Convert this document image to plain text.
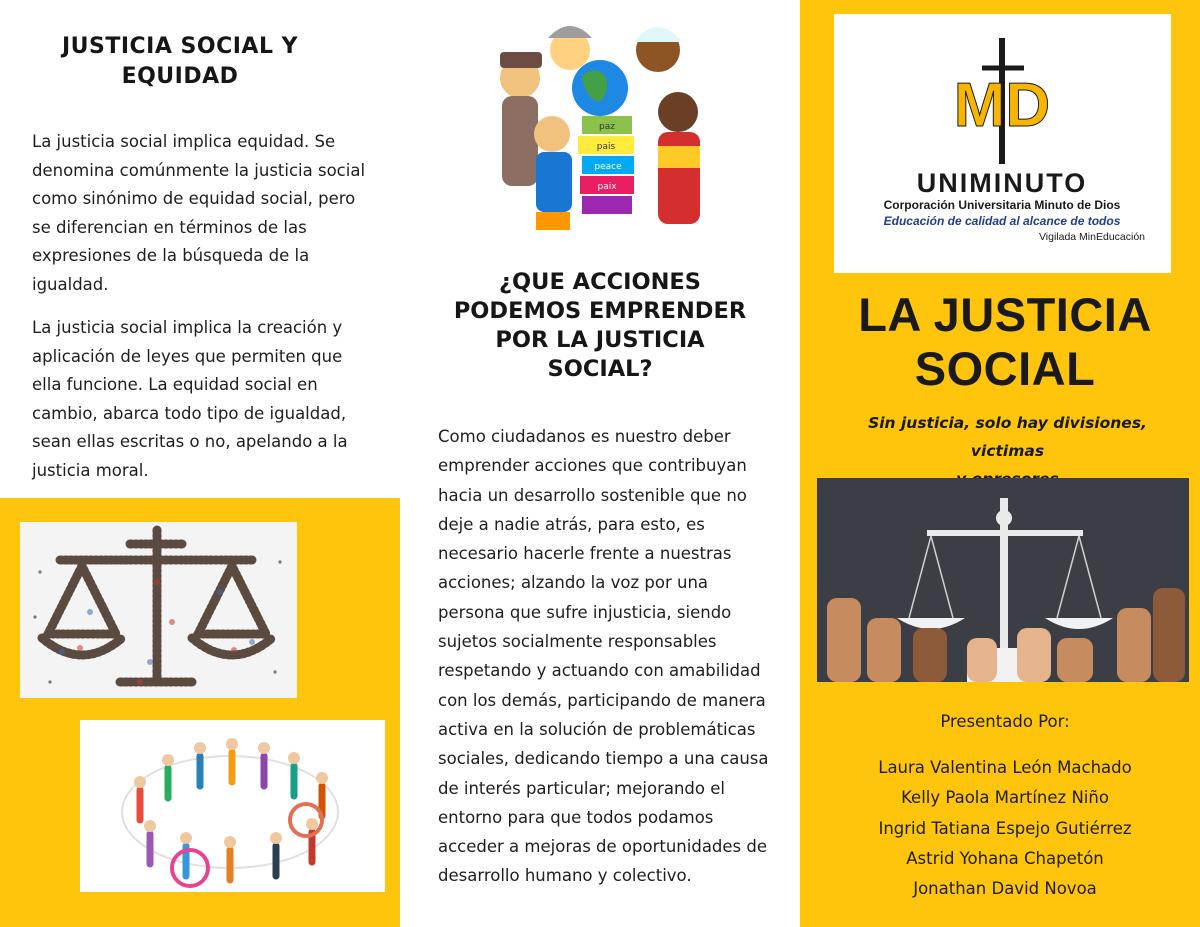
JUSTICIA SOCIAL Y EQUIDAD

La justicia social implica equidad. Se denomina comúnmente la justicia social como sinónimo de equidad social, pero se diferencian en términos de las expresiones de la búsqueda de la igualdad.

La justicia social implica la creación y aplicación de leyes que permiten que ella funcione. La equidad social en cambio, abarca todo tipo de igualdad, sean ellas escritas o no, apelando a la justicia moral.

paz
pais
peace
paix
¿QUE ACCIONES PODEMOS EMPRENDER POR LA JUSTICIA SOCIAL?
Como ciudadanos es nuestro deber emprender acciones que contribuyan hacia un desarrollo sostenible que no deje a nadie atrás, para esto, es necesario hacerle frente a nuestras acciones; alzando la voz por una persona que sufre injusticia, siendo sujetos socialmente responsables respetando y actuando con amabilidad con los demás, participando de manera activa en la solución de problemáticas sociales, dedicando tiempo a una causa de interés particular; mejorando el entorno para que todos podamos acceder a mejoras de oportunidades de desarrollo humano y colectivo.
MD
UNIMINUTO
Corporación Universitaria Minuto de Dios
Educación de calidad al alcance de todos
Vigilada MinEducación
LA JUSTICIA
SOCIAL
Sin justicia, solo hay divisiones, victimas
Presentado Por:
Laura Valentina León Machado
Kelly Paola Martínez Niño
Ingrid Tatiana Espejo Gutiérrez
Astrid Yohana Chapetón
Jonathan David Novoa
